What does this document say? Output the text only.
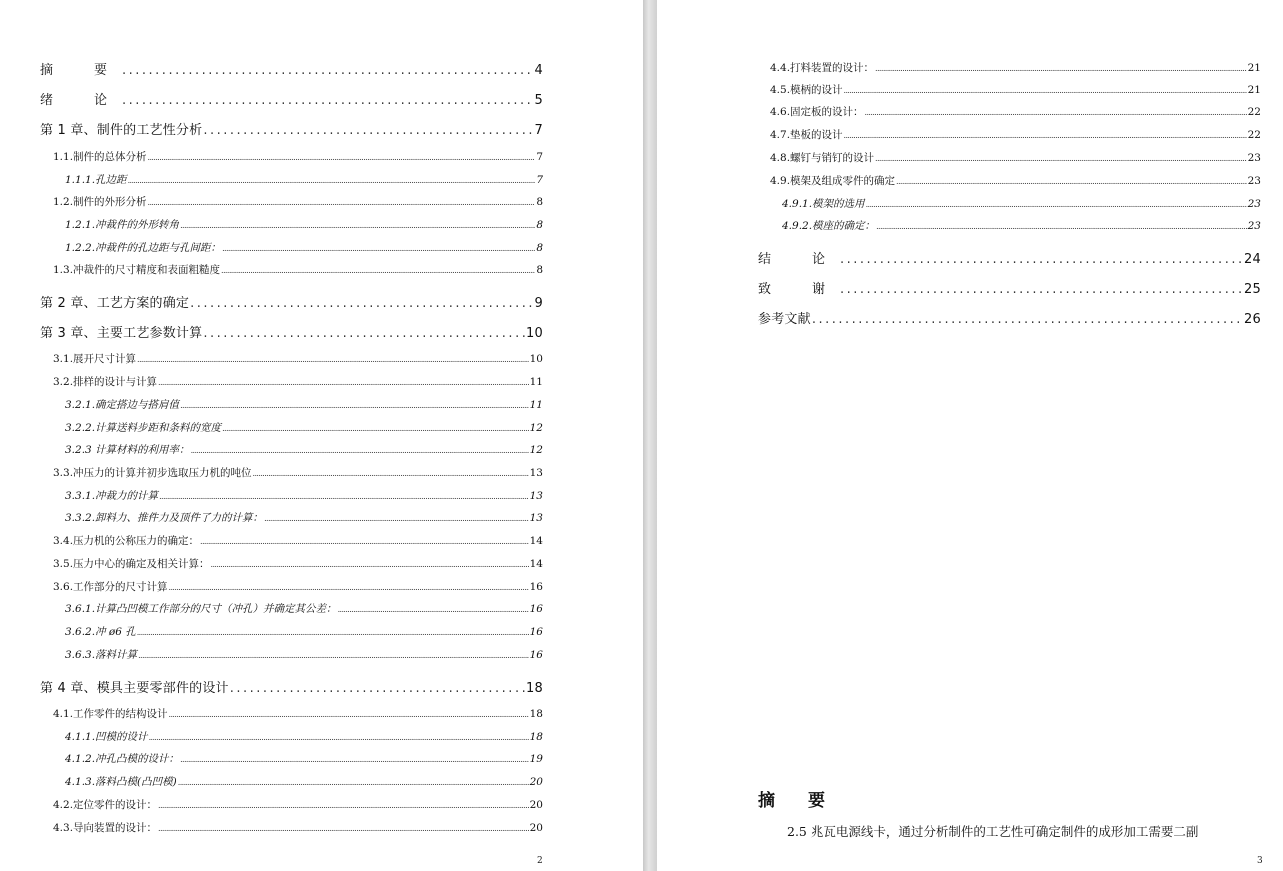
摘　要 .....	4
绪　论 .....	5
第 1 章、制件的工艺性分析 .....	7
1.1.制件的总体分析 .....	7
1.1.1.孔边距 .....	7
1.2.制件的外形分析 .....	8
1.2.1.冲裁件的外形转角 .....	8
1.2.2.冲裁件的孔边距与孔间距： .....	8
1.3.冲裁件的尺寸精度和表面粗糙度 .....	8
第 2 章、工艺方案的确定 .....	9
第 3 章、主要工艺参数计算 .....	10
3.1.展开尺寸计算 .....	10
3.2.排样的设计与计算 .....	11
3.2.1.确定搭边与搭肩值 .....	11
3.2.2.计算送料步距和条料的宽度 .....	12
3.2.3 计算材料的利用率： .....	12
3.3.冲压力的计算并初步选取压力机的吨位 .....	13
3.3.1.冲裁力的计算 .....	13
3.3.2.卸料力、推件力及顶件了力的计算： .....	13
3.4.压力机的公称压力的确定： .....	14
3.5.压力中心的确定及相关计算： .....	14
3.6.工作部分的尺寸计算 .....	16
3.6.1.计算凸凹模工作部分的尺寸（冲孔）并确定其公差： .....	16
3.6.2.冲 ø6 孔 .....	16
3.6.3.落料计算 .....	16
第 4 章、模具主要零部件的设计 .....	18
4.1.工作零件的结构设计 .....	18
4.1.1.凹模的设计 .....	18
4.1.2.冲孔凸模的设计： .....	19
4.1.3.落料凸模(凸凹模) .....	20
4.2.定位零件的设计： .....	20
4.3.导向装置的设计： .....	20
2
4.4.打料装置的设计： .....	21
4.5.模柄的设计 .....	21
4.6.固定板的设计： .....	22
4.7.垫板的设计 .....	22
4.8.螺钉与销钉的设计 .....	23
4.9.模架及组成零件的确定 .....	23
4.9.1.模架的选用 .....	23
4.9.2.模座的确定： .....	23
结　论 .....	24
致　谢 .....	25
参考文献 .....	26
3
摘　要
2.5 兆瓦电源线卡，通过分析制件的工艺性可确定制件的成形加工需要二副
